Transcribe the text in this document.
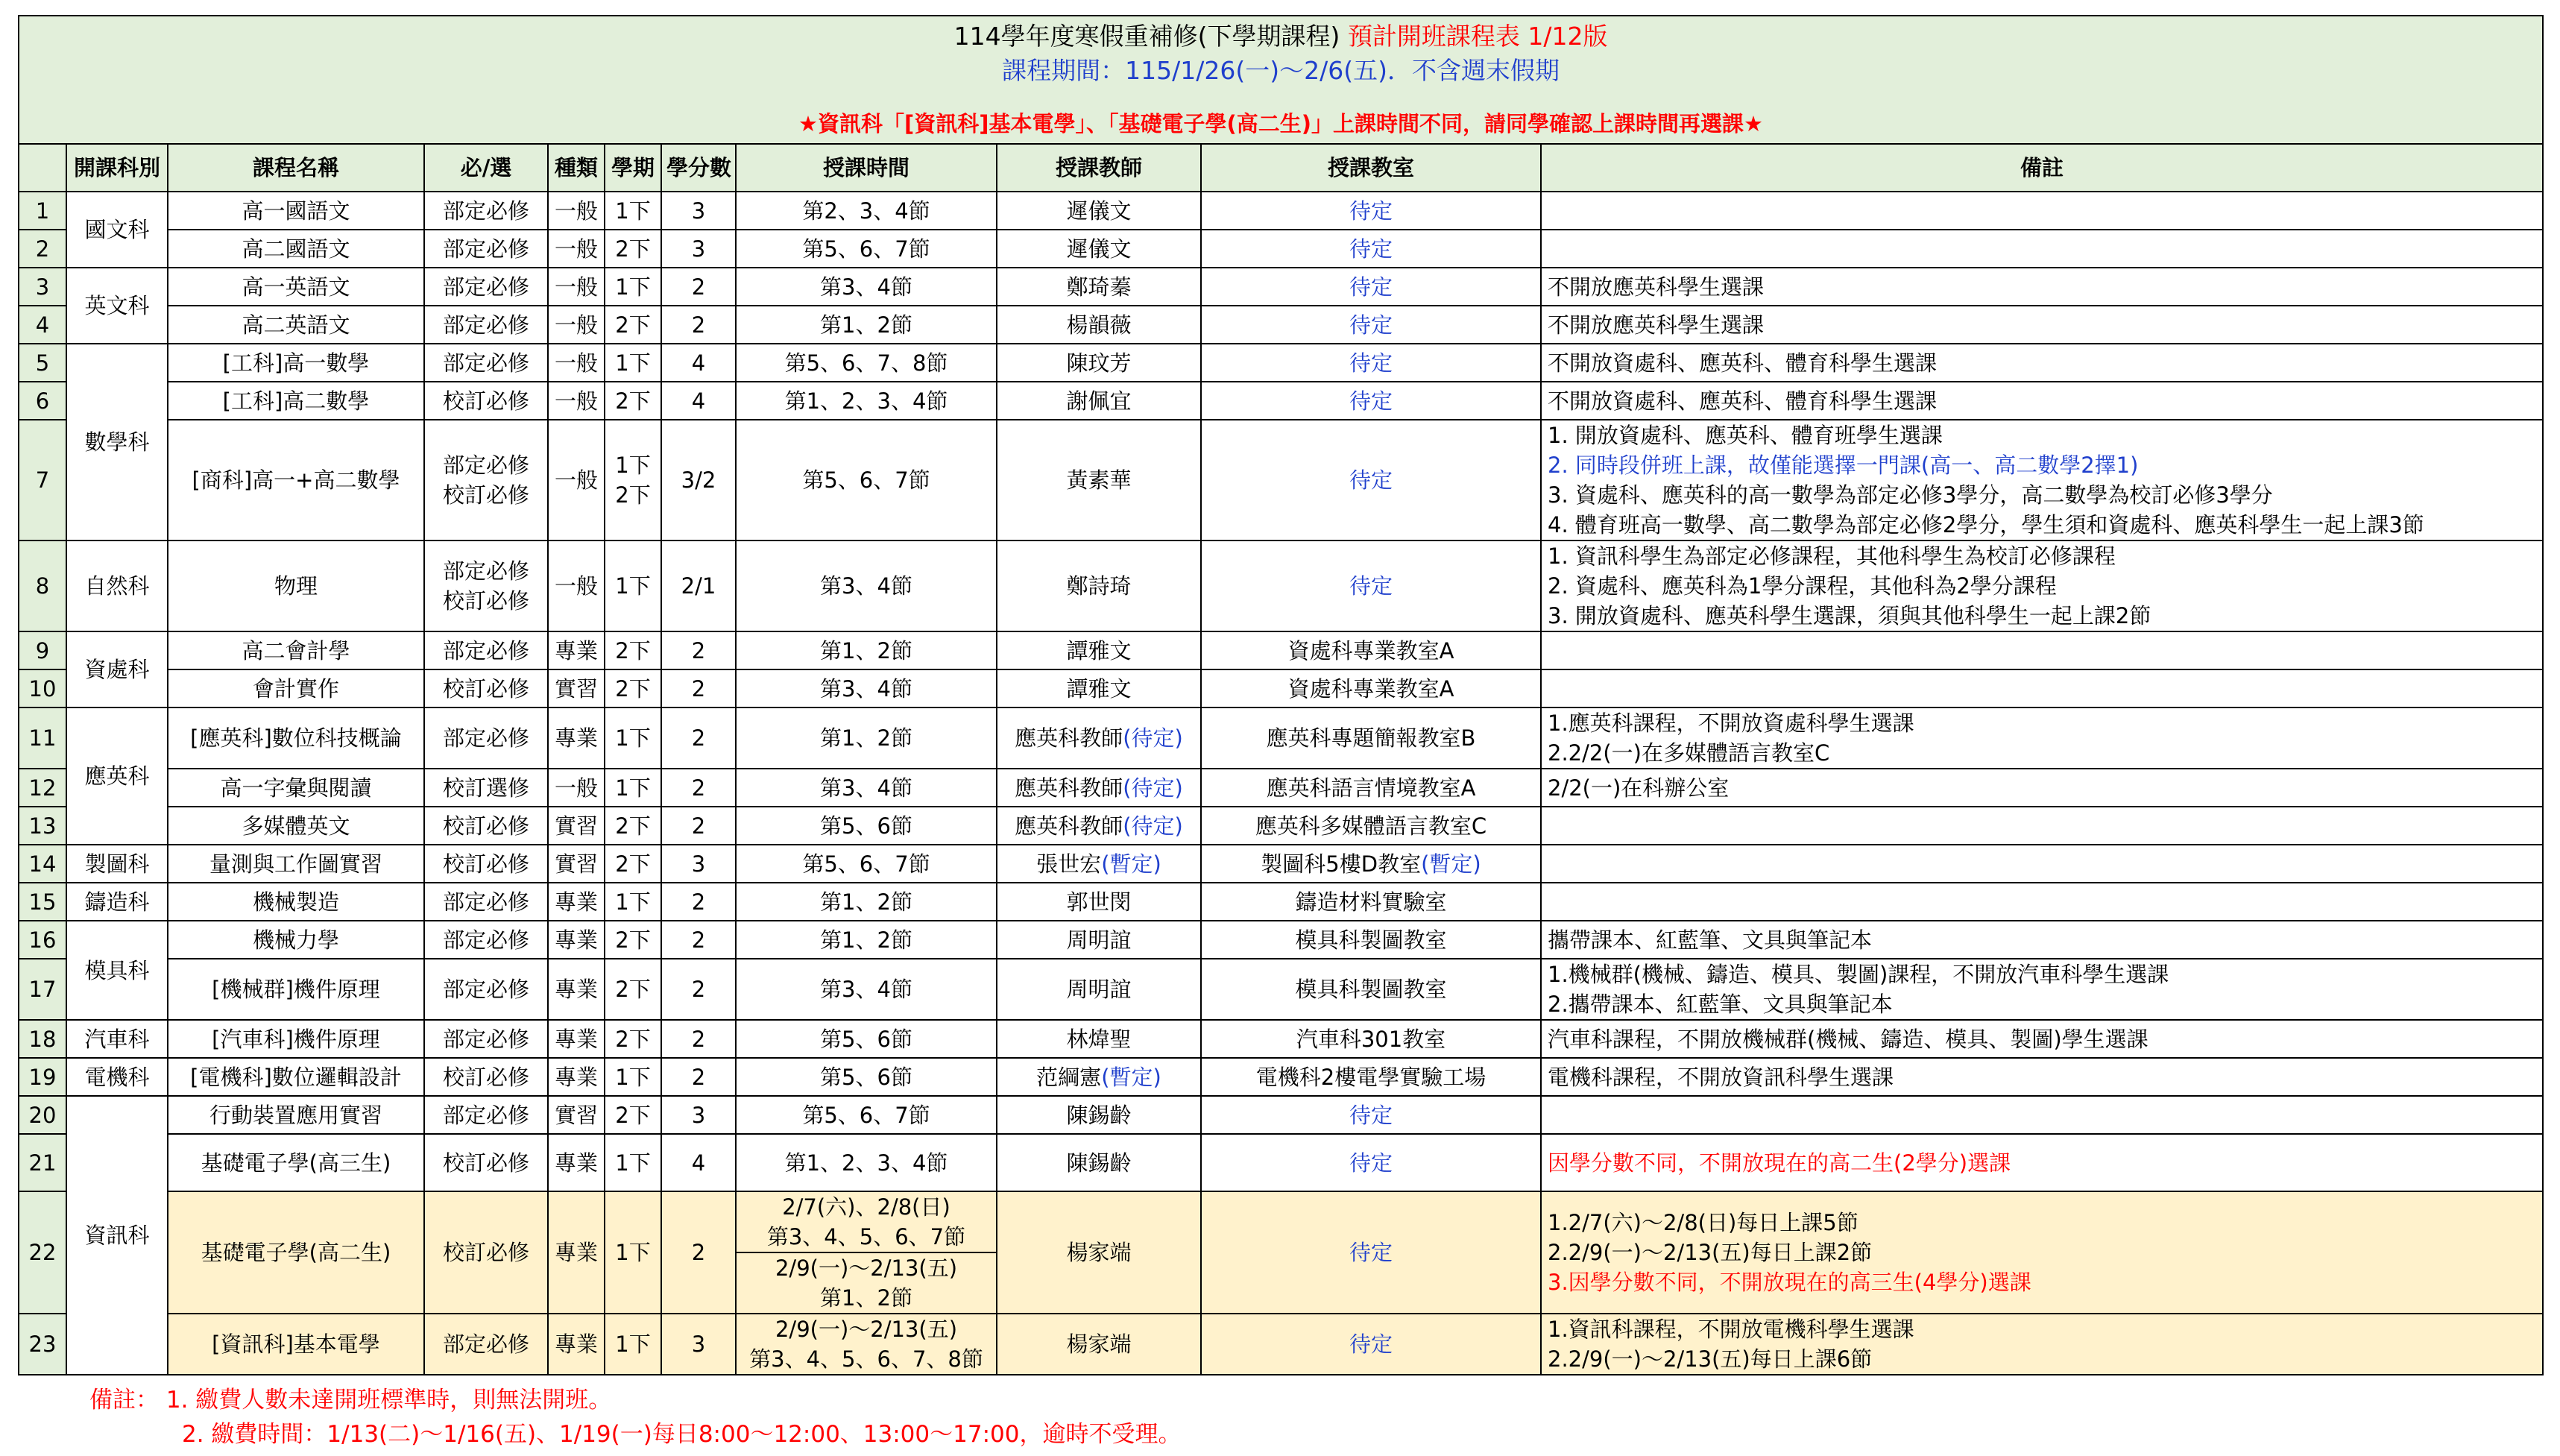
114學年度寒假重補修(下學期課程) 預計開班課程表 1/12版
課程期間：115/1/26(一)～2/6(五)．不含週末假期
★資訊科「[資訊科]基本電學」、「基礎電子學(高二生)」上課時間不同，請同學確認上課時間再選課★										

	開課科別	課程名稱	必/選	種類	學期	學分數	授課時間	授課教師	授課教室	備註
1	國文科	高一國語文	部定必修	一般	1下	3	第2、3、4節	遲儀文	待定	
2		高二國語文	部定必修	一般	2下	3	第5、6、7節	遲儀文	待定	
3	英文科	高一英語文	部定必修	一般	1下	2	第3、4節	鄭琦蓁	待定	不開放應英科學生選課
4		高二英語文	部定必修	一般	2下	2	第1、2節	楊韻薇	待定	不開放應英科學生選課
5	數學科	[工科]高一數學	部定必修	一般	1下	4	第5、6、7、8節	陳玟芳	待定	不開放資處科、應英科、體育科學生選課
6		[工科]高二數學	校訂必修	一般	2下	4	第1、2、3、4節	謝佩宜	待定	不開放資處科、應英科、體育科學生選課
7		[商科]高一+高二數學	部定必修
校訂必修	一般	1下
2下	3/2	第5、6、7節	黃素華	待定	1. 開放資處科、應英科、體育班學生選課
2. 同時段併班上課，故僅能選擇一門課(高一、高二數學2擇1)
3. 資處科、應英科的高一數學為部定必修3學分，高二數學為校訂必修3學分
4. 體育班高一數學、高二數學為部定必修2學分，學生須和資處科、應英科學生一起上課3節

8	自然科	物理	部定必修
校訂必修	一般	1下	2/1	第3、4節	鄭詩琦	待定	1. 資訊科學生為部定必修課程，其他科學生為校訂必修課程
2. 資處科、應英科為1學分課程，其他科為2學分課程
3. 開放資處科、應英科學生選課，須與其他科學生一起上課2節

9	資處科	高二會計學	部定必修	專業	2下	2	第1、2節	譚雅文	資處科專業教室A	
10		會計實作	校訂必修	實習	2下	2	第3、4節	譚雅文	資處科專業教室A	
11	應英科	[應英科]數位科技概論	部定必修	專業	1下	2	第1、2節	應英科教師(待定)	應英科專題簡報教室B	1.應英科課程，不開放資處科學生選課
2.2/2(一)在多媒體語言教室C

12		高一字彙與閱讀	校訂選修	一般	1下	2	第3、4節	應英科教師(待定)	應英科語言情境教室A	2/2(一)在科辦公室
13		多媒體英文	校訂必修	實習	2下	2	第5、6節	應英科教師(待定)	應英科多媒體語言教室C	
14	製圖科	量測與工作圖實習	校訂必修	實習	2下	3	第5、6、7節	張世宏(暫定)	製圖科5樓D教室(暫定)	
15	鑄造科	機械製造	部定必修	專業	1下	2	第1、2節	郭世閔	鑄造材料實驗室	
16	模具科	機械力學	部定必修	專業	2下	2	第1、2節	周明誼	模具科製圖教室	攜帶課本、紅藍筆、文具與筆記本
17		[機械群]機件原理	部定必修	專業	2下	2	第3、4節	周明誼	模具科製圖教室	1.機械群(機械、鑄造、模具、製圖)課程，不開放汽車科學生選課
2.攜帶課本、紅藍筆、文具與筆記本

18	汽車科	[汽車科]機件原理	部定必修	專業	2下	2	第5、6節	林煒聖	汽車科301教室	汽車科課程，不開放機械群(機械、鑄造、模具、製圖)學生選課
19	電機科	[電機科]數位邏輯設計	校訂必修	專業	1下	2	第5、6節	范綱憲(暫定)	電機科2樓電學實驗工場	電機科課程，不開放資訊科學生選課
20	資訊科	行動裝置應用實習	部定必修	實習	2下	3	第5、6、7節	陳錫齡	待定	
21		基礎電子學(高三生)	校訂必修	專業	1下	4	第1、2、3、4節	陳錫齡	待定	因學分數不同，不開放現在的高二生(2學分)選課
22		基礎電子學(高二生)	校訂必修	專業	1下	2	2/7(六)、2/8(日)
第3、4、5、6、7節
2/9(一)～2/13(五)
第1、2節	楊家端	待定	1.2/7(六)～2/8(日)每日上課5節
2.2/9(一)～2/13(五)每日上課2節
3.因學分數不同，不開放現在的高三生(4學分)選課

23		[資訊科]基本電學	部定必修	專業	1下	3	2/9(一)～2/13(五)
第3、4、5、6、7、8節	楊家端	待定	1.資訊科課程，不開放電機科學生選課
2.2/9(一)～2/13(五)每日上課6節
備註： 1. 繳費人數未達開班標準時，則無法開班。
2. 繳費時間：1/13(二)～1/16(五)、1/19(一)每日8:00～12:00、13:00～17:00，逾時不受理。
